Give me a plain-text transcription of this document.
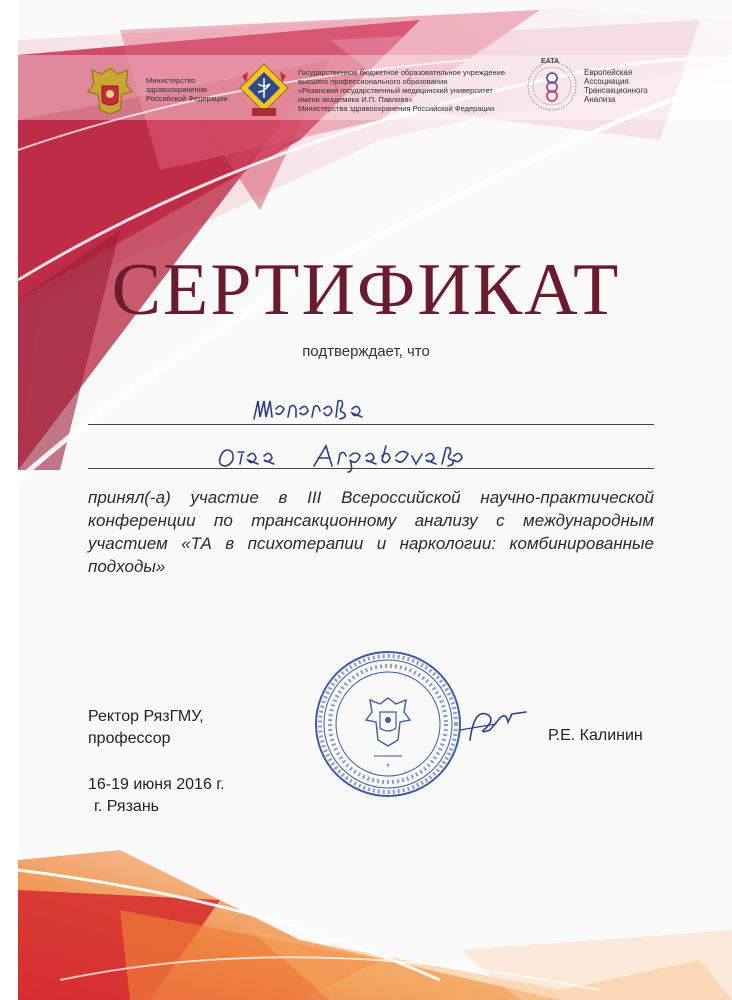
Министерство
здравоохранения
Российской Федерации
Государственное бюджетное образовательное учреждение
высшего профессионального образования
«Рязанский государственный медицинский университет
имени академика И.П. Павлова»
Министерства здравоохранения Российской Федерации
EATA
Европейская
Ассоциация
Трансакционного
Анализа
СЕРТИФИКАТ
подтверждает, что
принял(-а) участие в III Всероссийской научно-практической конференции по трансакционному анализу с международным участием «ТА в психотерапии и наркологии: комбинированные подходы»
Ректор РязГМУ,
профессор
*
Р.Е. Калинин
16-19 июня 2016 г.
г. Рязань
